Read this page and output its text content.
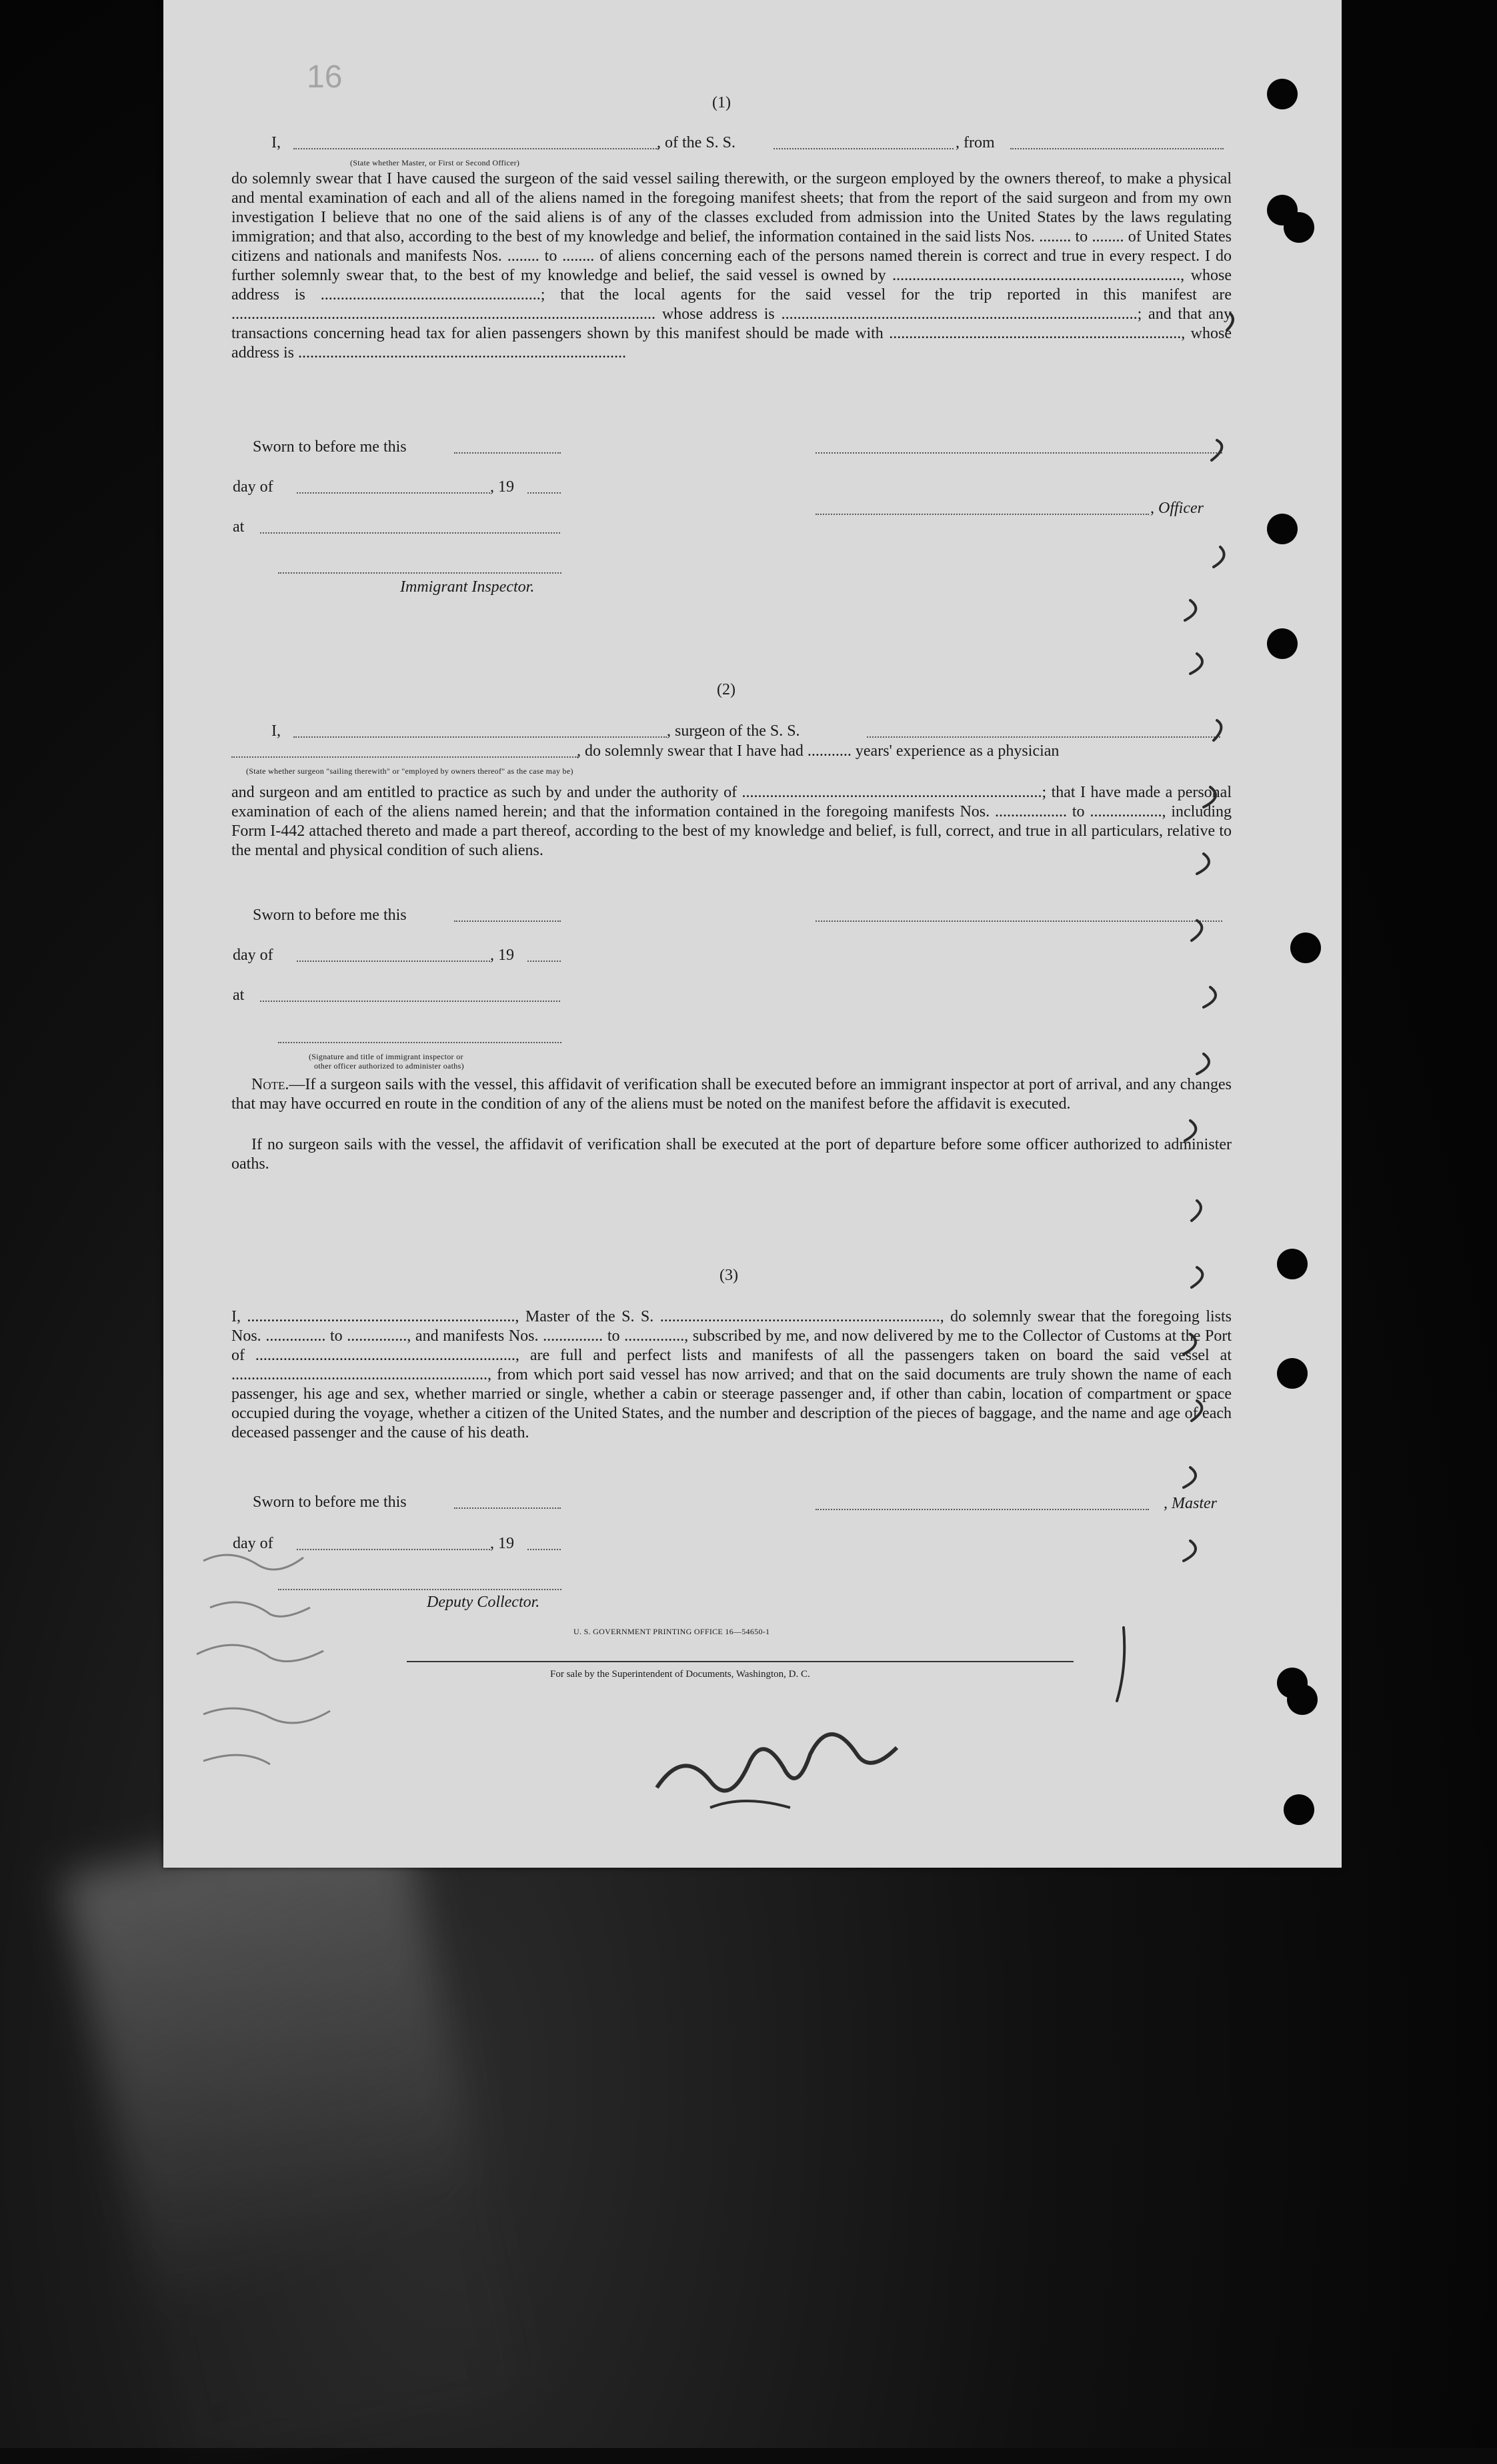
16
(1)
I,	, of the S. S.	, from
(State whether Master, or First or Second Officer)
do solemnly swear that I have caused the surgeon of the said vessel sailing therewith, or the surgeon employed by the owners thereof, to make a physical and mental examination of each and all of the aliens named in the foregoing manifest sheets; that from the report of the said surgeon and from my own investigation I believe that no one of the said aliens is of any of the classes excluded from admission into the United States by the laws regulating immigration; and that also, according to the best of my knowledge and belief, the information contained in the said lists Nos. ........ to ........ of United States citizens and nationals and manifests Nos. ........ to ........ of aliens concerning each of the persons named therein is correct and true in every respect. I do further solemnly swear that, to the best of my knowledge and belief, the said vessel is owned by ........................................................................, whose address is .......................................................; that the local agents for the said vessel for the trip reported in this manifest are .......................................................................................................... whose address is .........................................................................................; and that any transactions concerning head tax for alien passengers shown by this manifest should be made with ........................................................................., whose address is ..................................................................................
Sworn to before me this
day of	, 19
, Officer
at
Immigrant Inspector.
(2)
I,	, surgeon of the S. S.
, do solemnly swear that I have had ........... years' experience as a physician
(State whether surgeon "sailing therewith" or "employed by owners thereof" as the case may be)
and surgeon and am entitled to practice as such by and under the authority of ...........................................................................; that I have made a personal examination of each of the aliens named herein; and that the information contained in the foregoing manifests Nos. .................. to .................., including Form I-442 attached thereto and made a part thereof, according to the best of my knowledge and belief, is full, correct, and true in all particulars, relative to the mental and physical condition of such aliens.
Sworn to before me this
day of	, 19
at
(Signature and title of immigrant inspector or
other officer authorized to administer oaths)
Note.—If a surgeon sails with the vessel, this affidavit of verification shall be executed before an immigrant inspector at port of arrival, and any changes that may have occurred en route in the condition of any of the aliens must be noted on the manifest before the affidavit is executed.
If no surgeon sails with the vessel, the affidavit of verification shall be executed at the port of departure before some officer authorized to administer oaths.
(3)
I, ..................................................................., Master of the S. S. ......................................................................, do solemnly swear that the foregoing lists Nos. ............... to ..............., and manifests Nos. ............... to ..............., subscribed by me, and now delivered by me to the Collector of Customs at the Port of ................................................................., are full and perfect lists and manifests of all the passengers taken on board the said vessel at ................................................................, from which port said vessel has now arrived; and that on the said documents are truly shown the name of each passenger, his age and sex, whether married or single, whether a cabin or steerage passenger and, if other than cabin, location of compartment or space occupied during the voyage, whether a citizen of the United States, and the number and description of the pieces of baggage, and the name and age of each deceased passenger and the cause of his death.
Sworn to before me this	, Master
day of	, 19
Deputy Collector.
U. S. GOVERNMENT PRINTING OFFICE 16—54650-1
For sale by the Superintendent of Documents, Washington, D. C.
